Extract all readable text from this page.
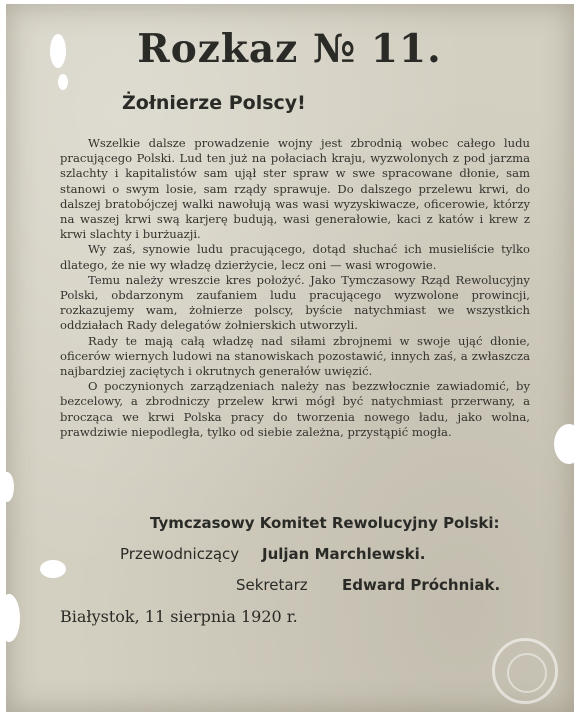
Rozkaz № 11.
Żołnierze Polscy!

Wszelkie dalsze prowadzenie wojny jest zbrodnią wobec całego ludu pracującego Polski. Lud ten już na połaciach kraju, wyzwolonych z pod jarzma szlachty i kapitalistów sam ujął ster spraw w swe spracowane dłonie, sam stanowi o swym losie, sam rządy sprawuje. Do dalszego przelewu krwi, do dalszej bratobójczej walki nawołują was wasi wyzyskiwacze, oficerowie, którzy na waszej krwi swą karjerę budują, wasi generałowie, kaci z katów i krew z krwi slachty i burżuazji.

Wy zaś, synowie ludu pracującego, dotąd słuchać ich musieliście tylko dlatego, że nie wy władzę dzierżycie, lecz oni — wasi wrogowie.

Temu należy wreszcie kres położyć. Jako Tymczasowy Rząd Rewolucyjny Polski, obdarzonym zaufaniem ludu pracującego wyzwolone prowincji, rozkazujemy wam, żołnierze polscy, byście natychmiast we wszystkich oddziałach Rady delegatów żołnierskich utworzyli.

Rady te mają całą władzę nad siłami zbrojnemi w swoje ująć dłonie, oficerów wiernych ludowi na stanowiskach pozostawić, innych zaś, a zwłaszcza najbardziej zaciętych i okrutnych generałów uwięzić.

O poczynionych zarządzeniach należy nas bezzwłocznie zawiadomić, by bezcelowy, a zbrodniczy przelew krwi mógł być natychmiast przerwany, a brocząca we krwi Polska pracy do tworzenia nowego ładu, jako wolna, prawdziwie niepodległa, tylko od siebie zależna, przystąpić mogła.

Tymczasowy Komitet Rewolucyjny Polski:
Przewodniczący Juljan Marchlewski.
Sekretarz Edward Próchniak.
Białystok, 11 sierpnia 1920 r.
